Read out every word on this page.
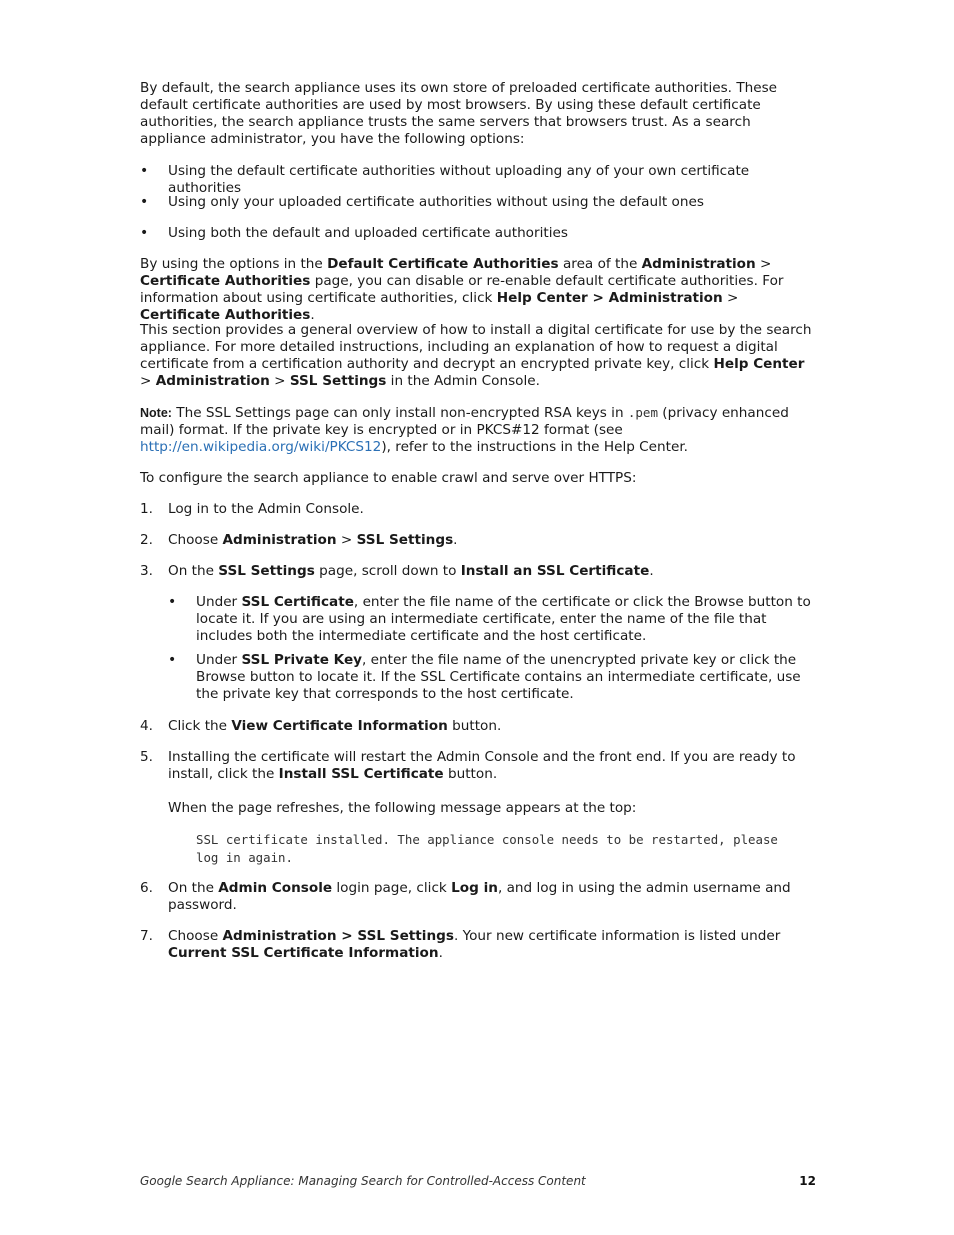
By default, the search appliance uses its own store of preloaded certificate authorities. These default certificate authorities are used by most browsers. By using these default certificate authorities, the search appliance trusts the same servers that browsers trust. As a search appliance administrator, you have the following options:

• Using the default certificate authorities without uploading any of your own certificate authorities

• Using only your uploaded certificate authorities without using the default ones

• Using both the default and uploaded certificate authorities

By using the options in the Default Certificate Authorities area of the Administration > Certificate Authorities page, you can disable or re-enable default certificate authorities. For information about using certificate authorities, click Help Center > Administration > Certificate Authorities.

This section provides a general overview of how to install a digital certificate for use by the search appliance. For more detailed instructions, including an explanation of how to request a digital certificate from a certification authority and decrypt an encrypted private key, click Help Center > Administration > SSL Settings in the Admin Console.

Note: The SSL Settings page can only install non-encrypted RSA keys in .pem (privacy enhanced mail) format. If the private key is encrypted or in PKCS#12 format (see http://en.wikipedia.org/wiki/PKCS12), refer to the instructions in the Help Center.

To configure the search appliance to enable crawl and serve over HTTPS:

1. Log in to the Admin Console.

2. Choose Administration > SSL Settings.

3. On the SSL Settings page, scroll down to Install an SSL Certificate.

• Under SSL Certificate, enter the file name of the certificate or click the Browse button to locate it. If you are using an intermediate certificate, enter the name of the file that includes both the intermediate certificate and the host certificate.

• Under SSL Private Key, enter the file name of the unencrypted private key or click the Browse button to locate it. If the SSL Certificate contains an intermediate certificate, use the private key that corresponds to the host certificate.

4. Click the View Certificate Information button.

5. Installing the certificate will restart the Admin Console and the front end. If you are ready to install, click the Install SSL Certificate button.

When the page refreshes, the following message appears at the top:

SSL certificate installed. The appliance console needs to be restarted, please

log in again.

6. On the Admin Console login page, click Log in, and log in using the admin username and password.

7. Choose Administration > SSL Settings. Your new certificate information is listed under Current SSL Certificate Information.

Google Search Appliance: Managing Search for Controlled-Access Content	12
